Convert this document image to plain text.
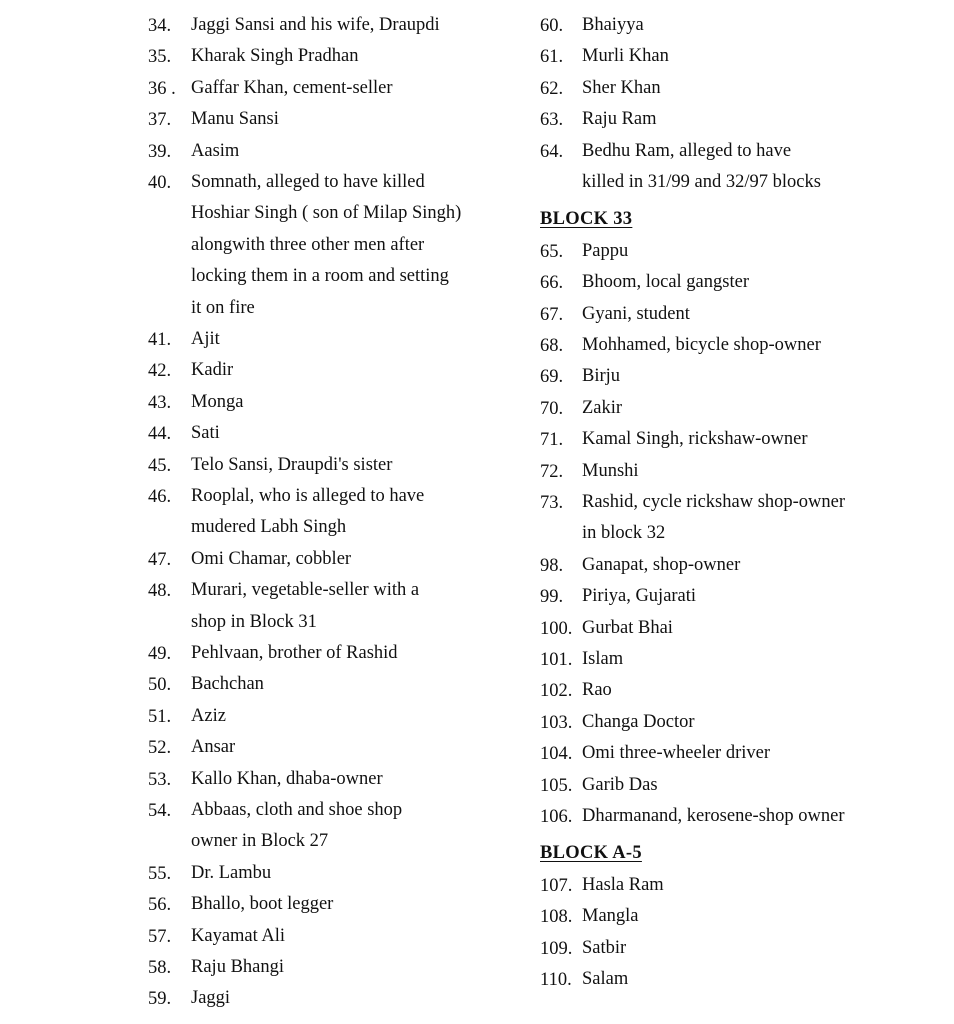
34. Jaggi Sansi and his wife, Draupdi
35. Kharak Singh Pradhan
36 . Gaffar Khan, cement-seller
37. Manu Sansi
39. Aasim
40. Somnath, alleged to have killed
Hoshiar Singh ( son of Milap Singh)
alongwith three other men after
locking them in a room and setting
it on fire
41. Ajit
42. Kadir
43. Monga
44. Sati
45. Telo Sansi, Draupdi's sister
46. Rooplal, who is alleged to have
mudered Labh Singh
47. Omi Chamar, cobbler
48. Murari, vegetable-seller with a
shop in Block 31
49. Pehlvaan, brother of Rashid
50. Bachchan
51. Aziz
52. Ansar
53. Kallo Khan, dhaba-owner
54. Abbaas, cloth and shoe shop
owner in Block 27
55. Dr. Lambu
56. Bhallo, boot legger
57. Kayamat Ali
58. Raju Bhangi
59. Jaggi
60. Bhaiyya
61. Murli Khan
62. Sher Khan
63. Raju Ram
64. Bedhu Ram, alleged to have
killed in 31/99 and 32/97 blocks
BLOCK 33
65. Pappu
66. Bhoom, local gangster
67. Gyani, student
68. Mohhamed, bicycle shop-owner
69. Birju
70. Zakir
71. Kamal Singh, rickshaw-owner
72. Munshi
73. Rashid, cycle rickshaw shop-owner
in block 32
98. Ganapat, shop-owner
99. Piriya, Gujarati
100. Gurbat Bhai
101. Islam
102. Rao
103. Changa Doctor
104. Omi three-wheeler driver
105. Garib Das
106. Dharmanand, kerosene-shop owner
BLOCK A-5
107. Hasla Ram
108. Mangla
109. Satbir
110. Salam
